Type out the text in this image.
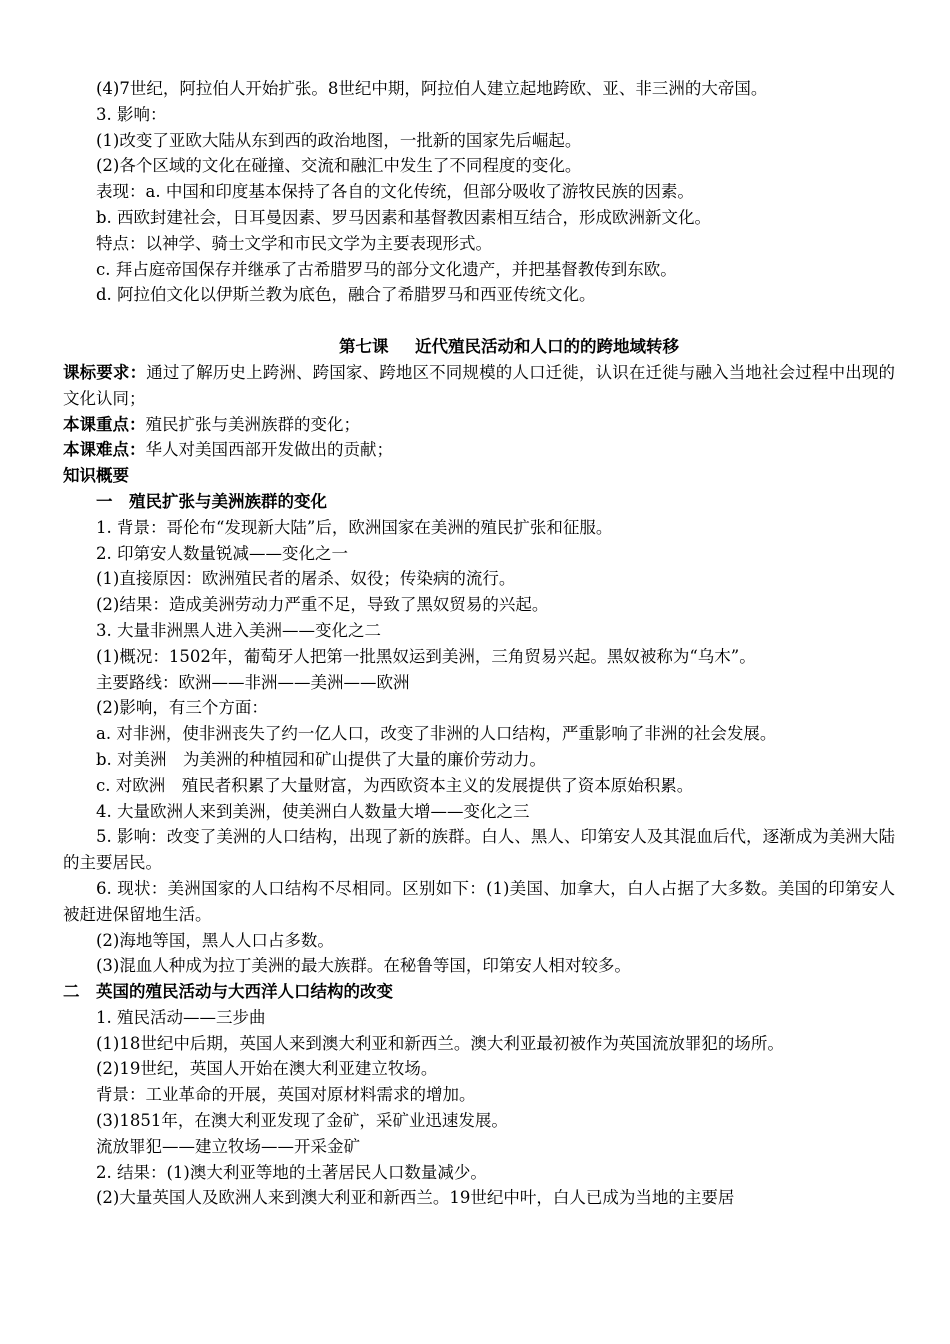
(4)7世纪，阿拉伯人开始扩张。8世纪中期，阿拉伯人建立起地跨欧、亚、非三洲的大帝国。

3. 影响：

(1)改变了亚欧大陆从东到西的政治地图，一批新的国家先后崛起。

(2)各个区域的文化在碰撞、交流和融汇中发生了不同程度的变化。

表现：a. 中国和印度基本保持了各自的文化传统，但部分吸收了游牧民族的因素。

b. 西欧封建社会，日耳曼因素、罗马因素和基督教因素相互结合，形成欧洲新文化。

特点：以神学、骑士文学和市民文学为主要表现形式。

c. 拜占庭帝国保存并继承了古希腊罗马的部分文化遗产，并把基督教传到东欧。

d. 阿拉伯文化以伊斯兰教为底色，融合了希腊罗马和西亚传统文化。

第七课 近代殖民活动和人口的的跨地域转移

课标要求：通过了解历史上跨洲、跨国家、跨地区不同规模的人口迁徙，认识在迁徙与融入当地社会过程中出现的文化认同；

本课重点：殖民扩张与美洲族群的变化；

本课难点：华人对美国西部开发做出的贡献；

知识概要

一　殖民扩张与美洲族群的变化

1. 背景：哥伦布“发现新大陆”后，欧洲国家在美洲的殖民扩张和征服。

2. 印第安人数量锐减——变化之一

(1)直接原因：欧洲殖民者的屠杀、奴役；传染病的流行。

(2)结果：造成美洲劳动力严重不足，导致了黑奴贸易的兴起。

3. 大量非洲黑人进入美洲——变化之二

(1)概况：1502年，葡萄牙人把第一批黑奴运到美洲，三角贸易兴起。黑奴被称为“乌木”。

主要路线：欧洲——非洲——美洲——欧洲

(2)影响，有三个方面：

a. 对非洲，使非洲丧失了约一亿人口，改变了非洲的人口结构，严重影响了非洲的社会发展。

b. 对美洲　为美洲的种植园和矿山提供了大量的廉价劳动力。

c. 对欧洲　殖民者积累了大量财富，为西欧资本主义的发展提供了资本原始积累。

4. 大量欧洲人来到美洲，使美洲白人数量大增——变化之三

5. 影响：改变了美洲的人口结构，出现了新的族群。白人、黑人、印第安人及其混血后代，逐渐成为美洲大陆的主要居民。

6. 现状：美洲国家的人口结构不尽相同。区别如下：(1)美国、加拿大，白人占据了大多数。美国的印第安人被赶进保留地生活。

(2)海地等国，黑人人口占多数。

(3)混血人种成为拉丁美洲的最大族群。在秘鲁等国，印第安人相对较多。

二　英国的殖民活动与大西洋人口结构的改变

1. 殖民活动——三步曲

(1)18世纪中后期，英国人来到澳大利亚和新西兰。澳大利亚最初被作为英国流放罪犯的场所。

(2)19世纪，英国人开始在澳大利亚建立牧场。

背景：工业革命的开展，英国对原材料需求的增加。

(3)1851年，在澳大利亚发现了金矿，采矿业迅速发展。

流放罪犯——建立牧场——开采金矿

2. 结果：(1)澳大利亚等地的土著居民人口数量减少。

(2)大量英国人及欧洲人来到澳大利亚和新西兰。19世纪中叶，白人已成为当地的主要居
